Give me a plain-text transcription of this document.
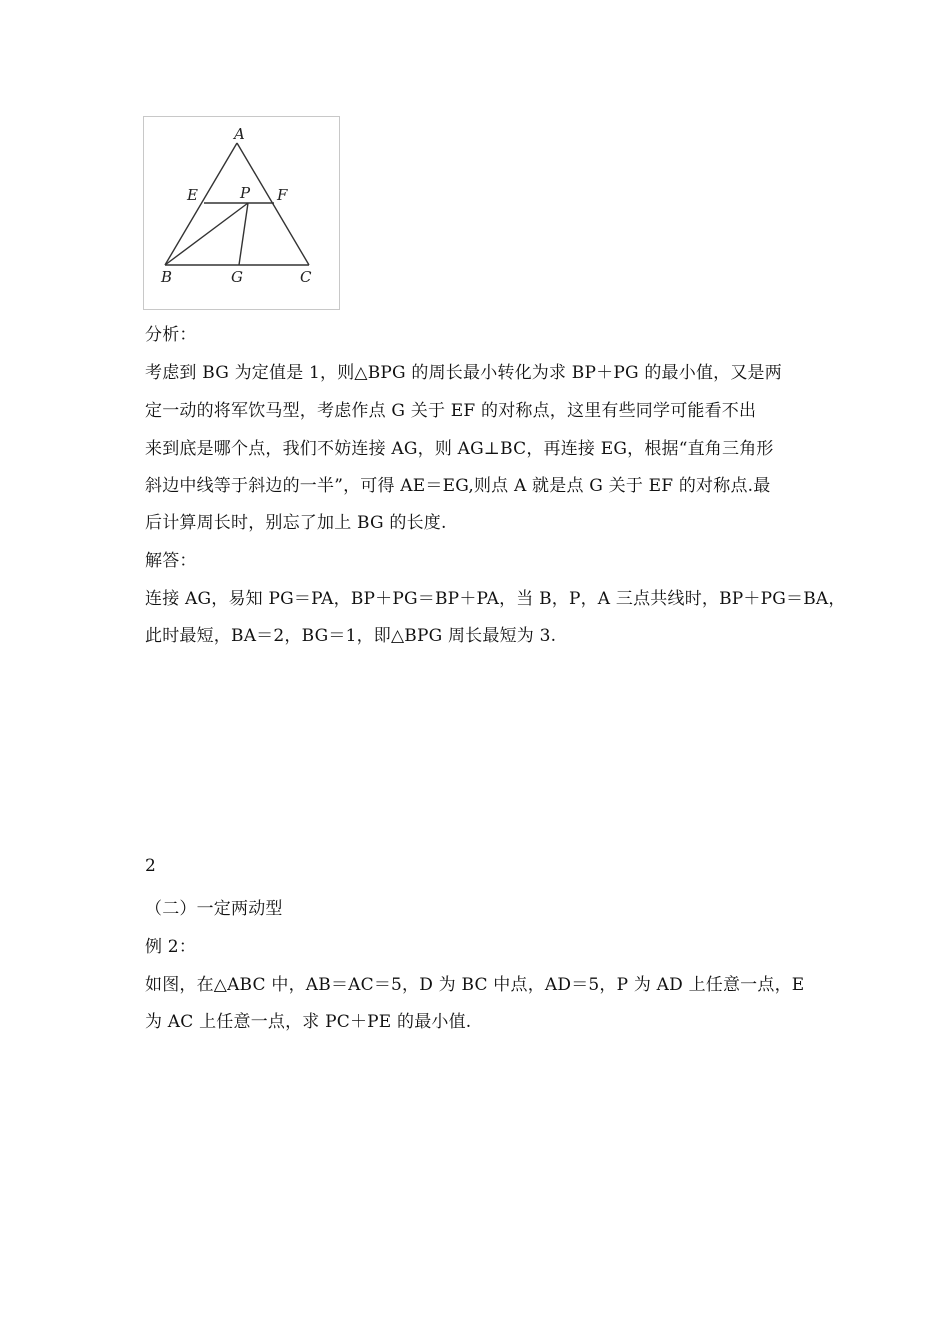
A
E	P F
B	G	C
分析：
考虑到 BG 为定值是 1，则△BPG 的周长最小转化为求 BP＋PG 的最小值，又是两
定一动的将军饮马型，考虑作点 G 关于 EF 的对称点，这里有些同学可能看不出
来到底是哪个点，我们不妨连接 AG，则 AG⊥BC，再连接 EG，根据“直角三角形
斜边中线等于斜边的一半”，可得 AE＝EG,则点 A 就是点 G 关于 EF 的对称点.最
后计算周长时，别忘了加上 BG 的长度.
解答：
连接 AG，易知 PG＝PA，BP＋PG＝BP＋PA，当 B，P，A 三点共线时，BP＋PG＝BA，
此时最短，BA＝2，BG＝1，即△BPG 周长最短为 3.
2
（二）一定两动型
例 2：
如图，在△ABC 中，AB＝AC＝5，D 为 BC 中点，AD＝5，P 为 AD 上任意一点，E
为 AC 上任意一点，求 PC＋PE 的最小值.
